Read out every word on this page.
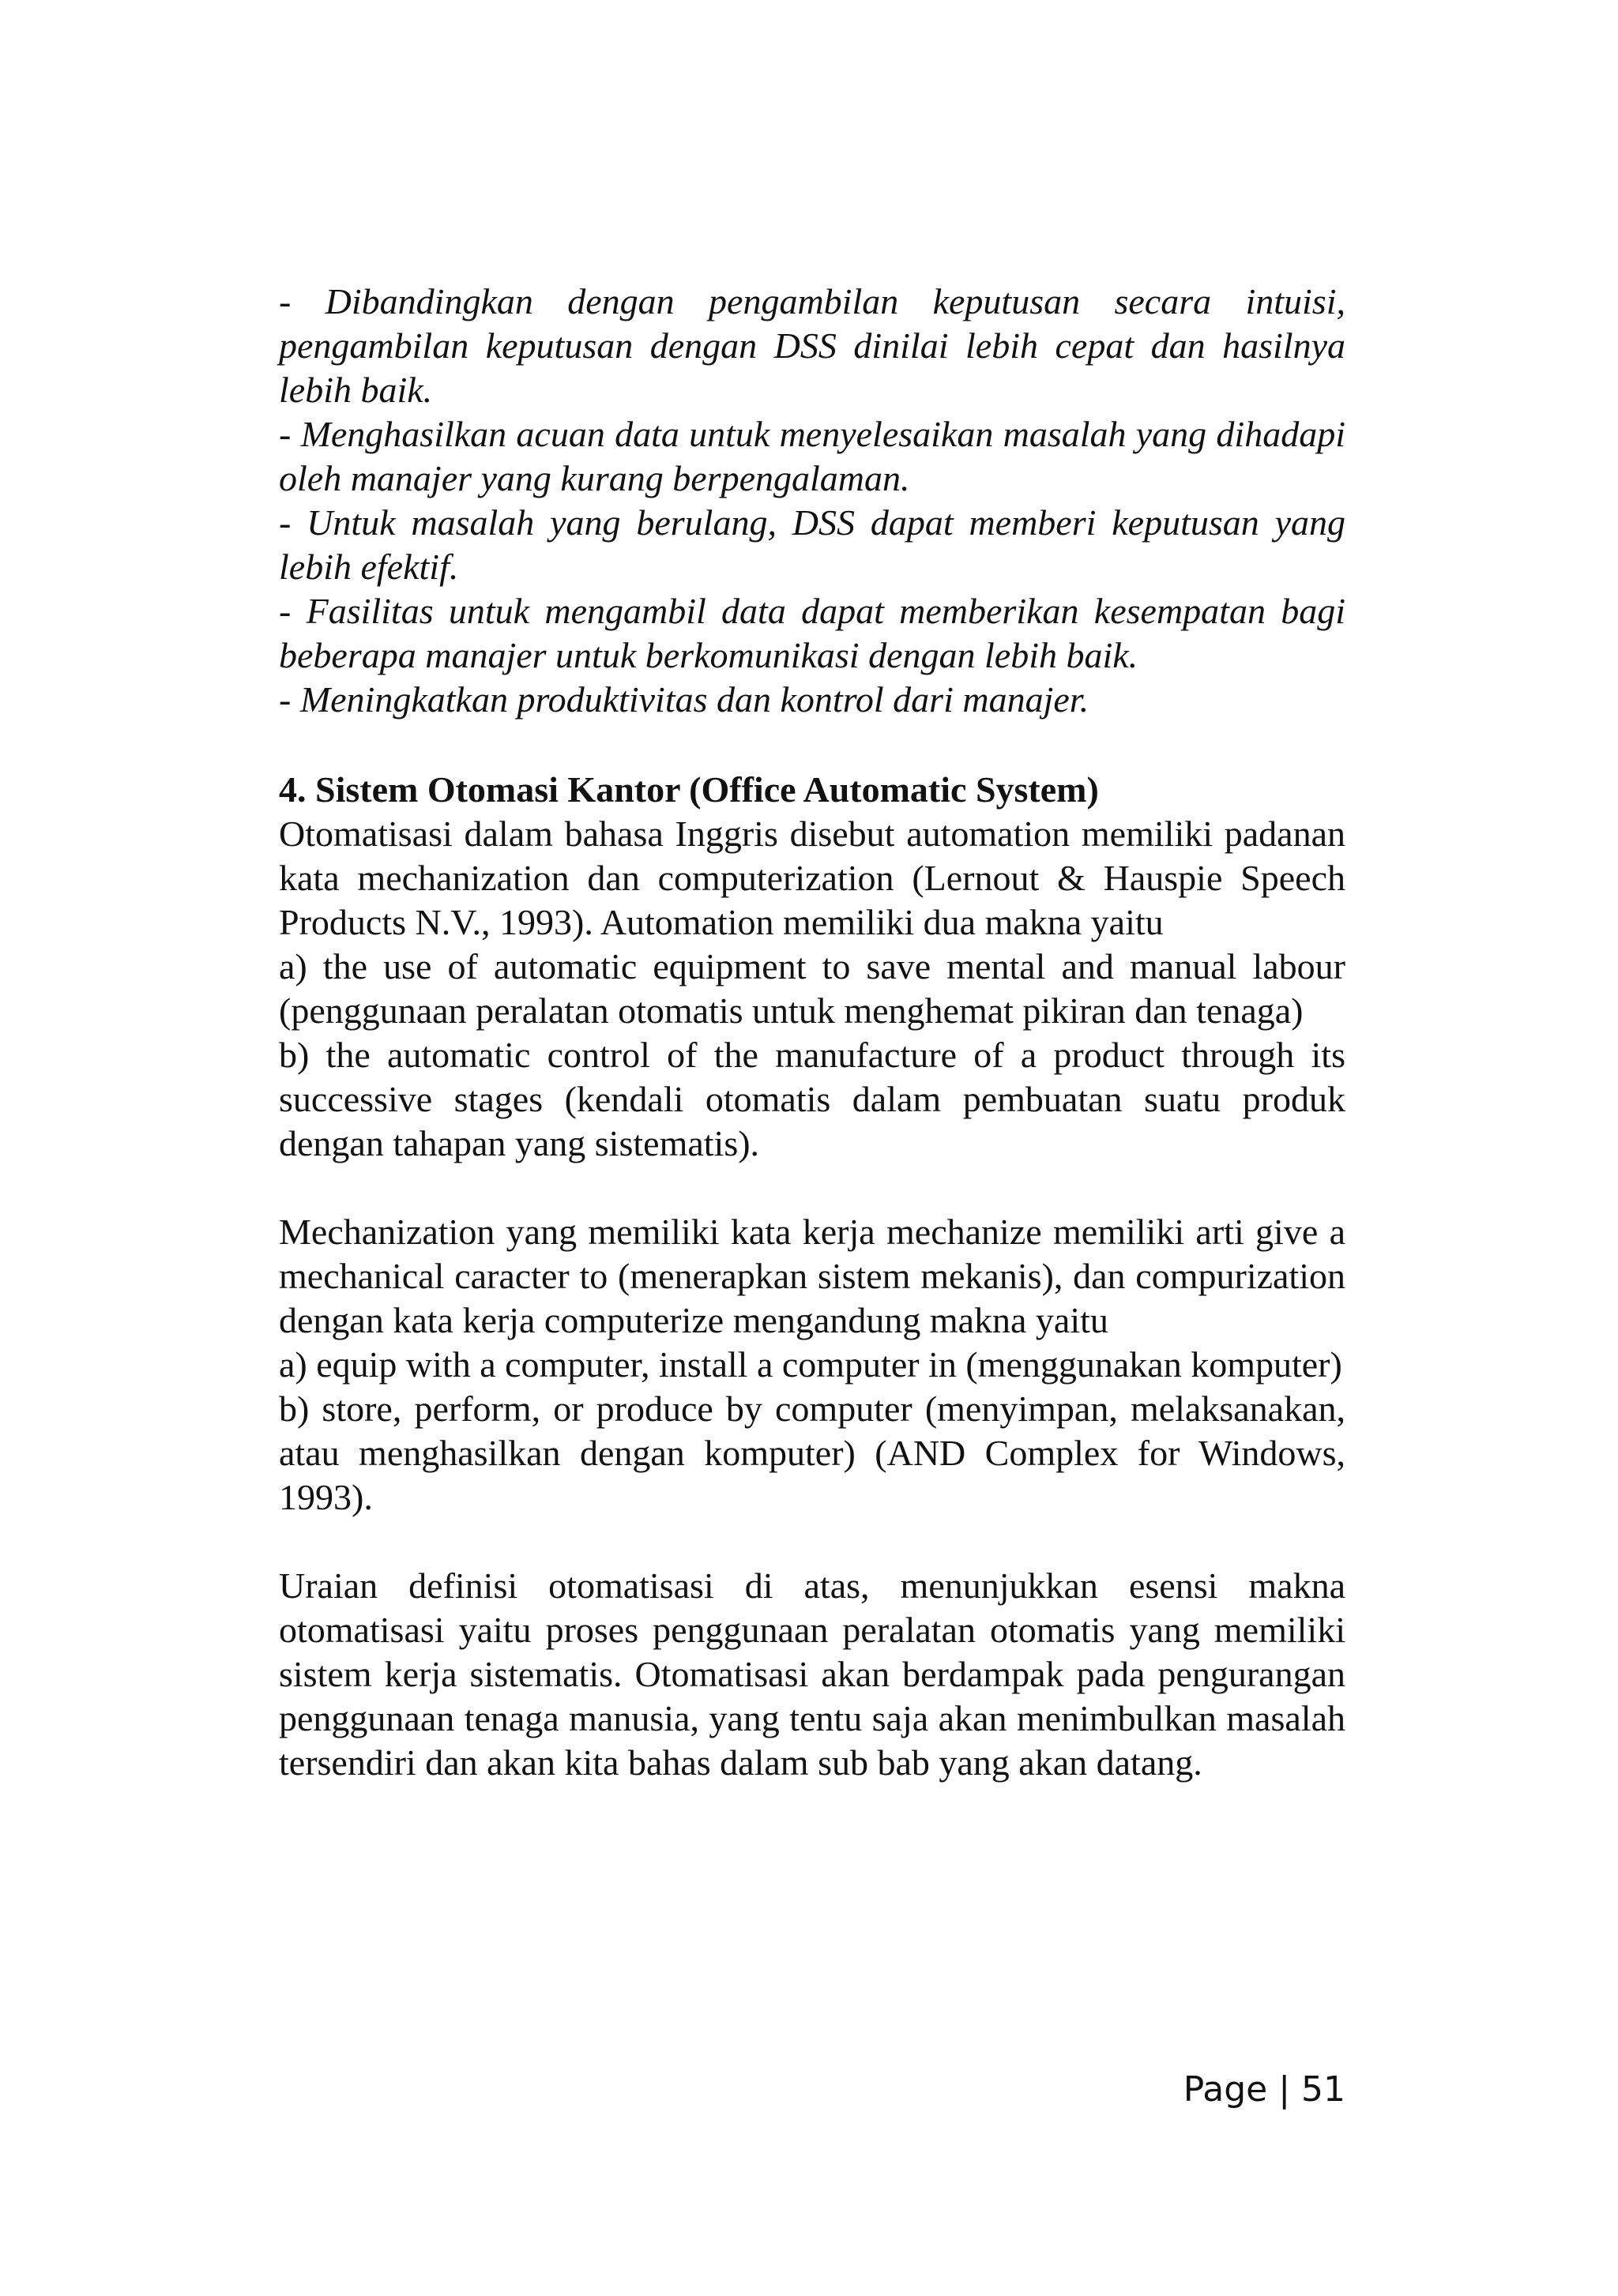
- Dibandingkan dengan pengambilan keputusan secara intuisi, pengambilan keputusan dengan DSS dinilai lebih cepat dan hasilnya lebih baik.

- Menghasilkan acuan data untuk menyelesaikan masalah yang dihadapi oleh manajer yang kurang berpengalaman.

- Untuk masalah yang berulang, DSS dapat memberi keputusan yang lebih efektif.

- Fasilitas untuk mengambil data dapat memberikan kesempatan bagi beberapa manajer untuk berkomunikasi dengan lebih baik.

- Meningkatkan produktivitas dan kontrol dari manajer.

4. Sistem Otomasi Kantor (Office Automatic System)

Otomatisasi dalam bahasa Inggris disebut automation memiliki padanan kata mechanization dan computerization (Lernout & Hauspie Speech Products N.V., 1993). Automation memiliki dua makna yaitu

a) the use of automatic equipment to save mental and manual labour (penggunaan peralatan otomatis untuk menghemat pikiran dan tenaga)

b) the automatic control of the manufacture of a product through its successive stages (kendali otomatis dalam pembuatan suatu produk dengan tahapan yang sistematis).

Mechanization yang memiliki kata kerja mechanize memiliki arti give a mechanical caracter to (menerapkan sistem mekanis), dan compurization dengan kata kerja computerize mengandung makna yaitu

a) equip with a computer, install a computer in (menggunakan komputer)

b) store, perform, or produce by computer (menyimpan, melaksanakan, atau menghasilkan dengan komputer) (AND Complex for Windows, 1993).

Uraian definisi otomatisasi di atas, menunjukkan esensi makna otomatisasi yaitu proses penggunaan peralatan otomatis yang memiliki sistem kerja sistematis. Otomatisasi akan berdampak pada pengurangan penggunaan tenaga manusia, yang tentu saja akan menimbulkan masalah tersendiri dan akan kita bahas dalam sub bab yang akan datang.

Page | 51
